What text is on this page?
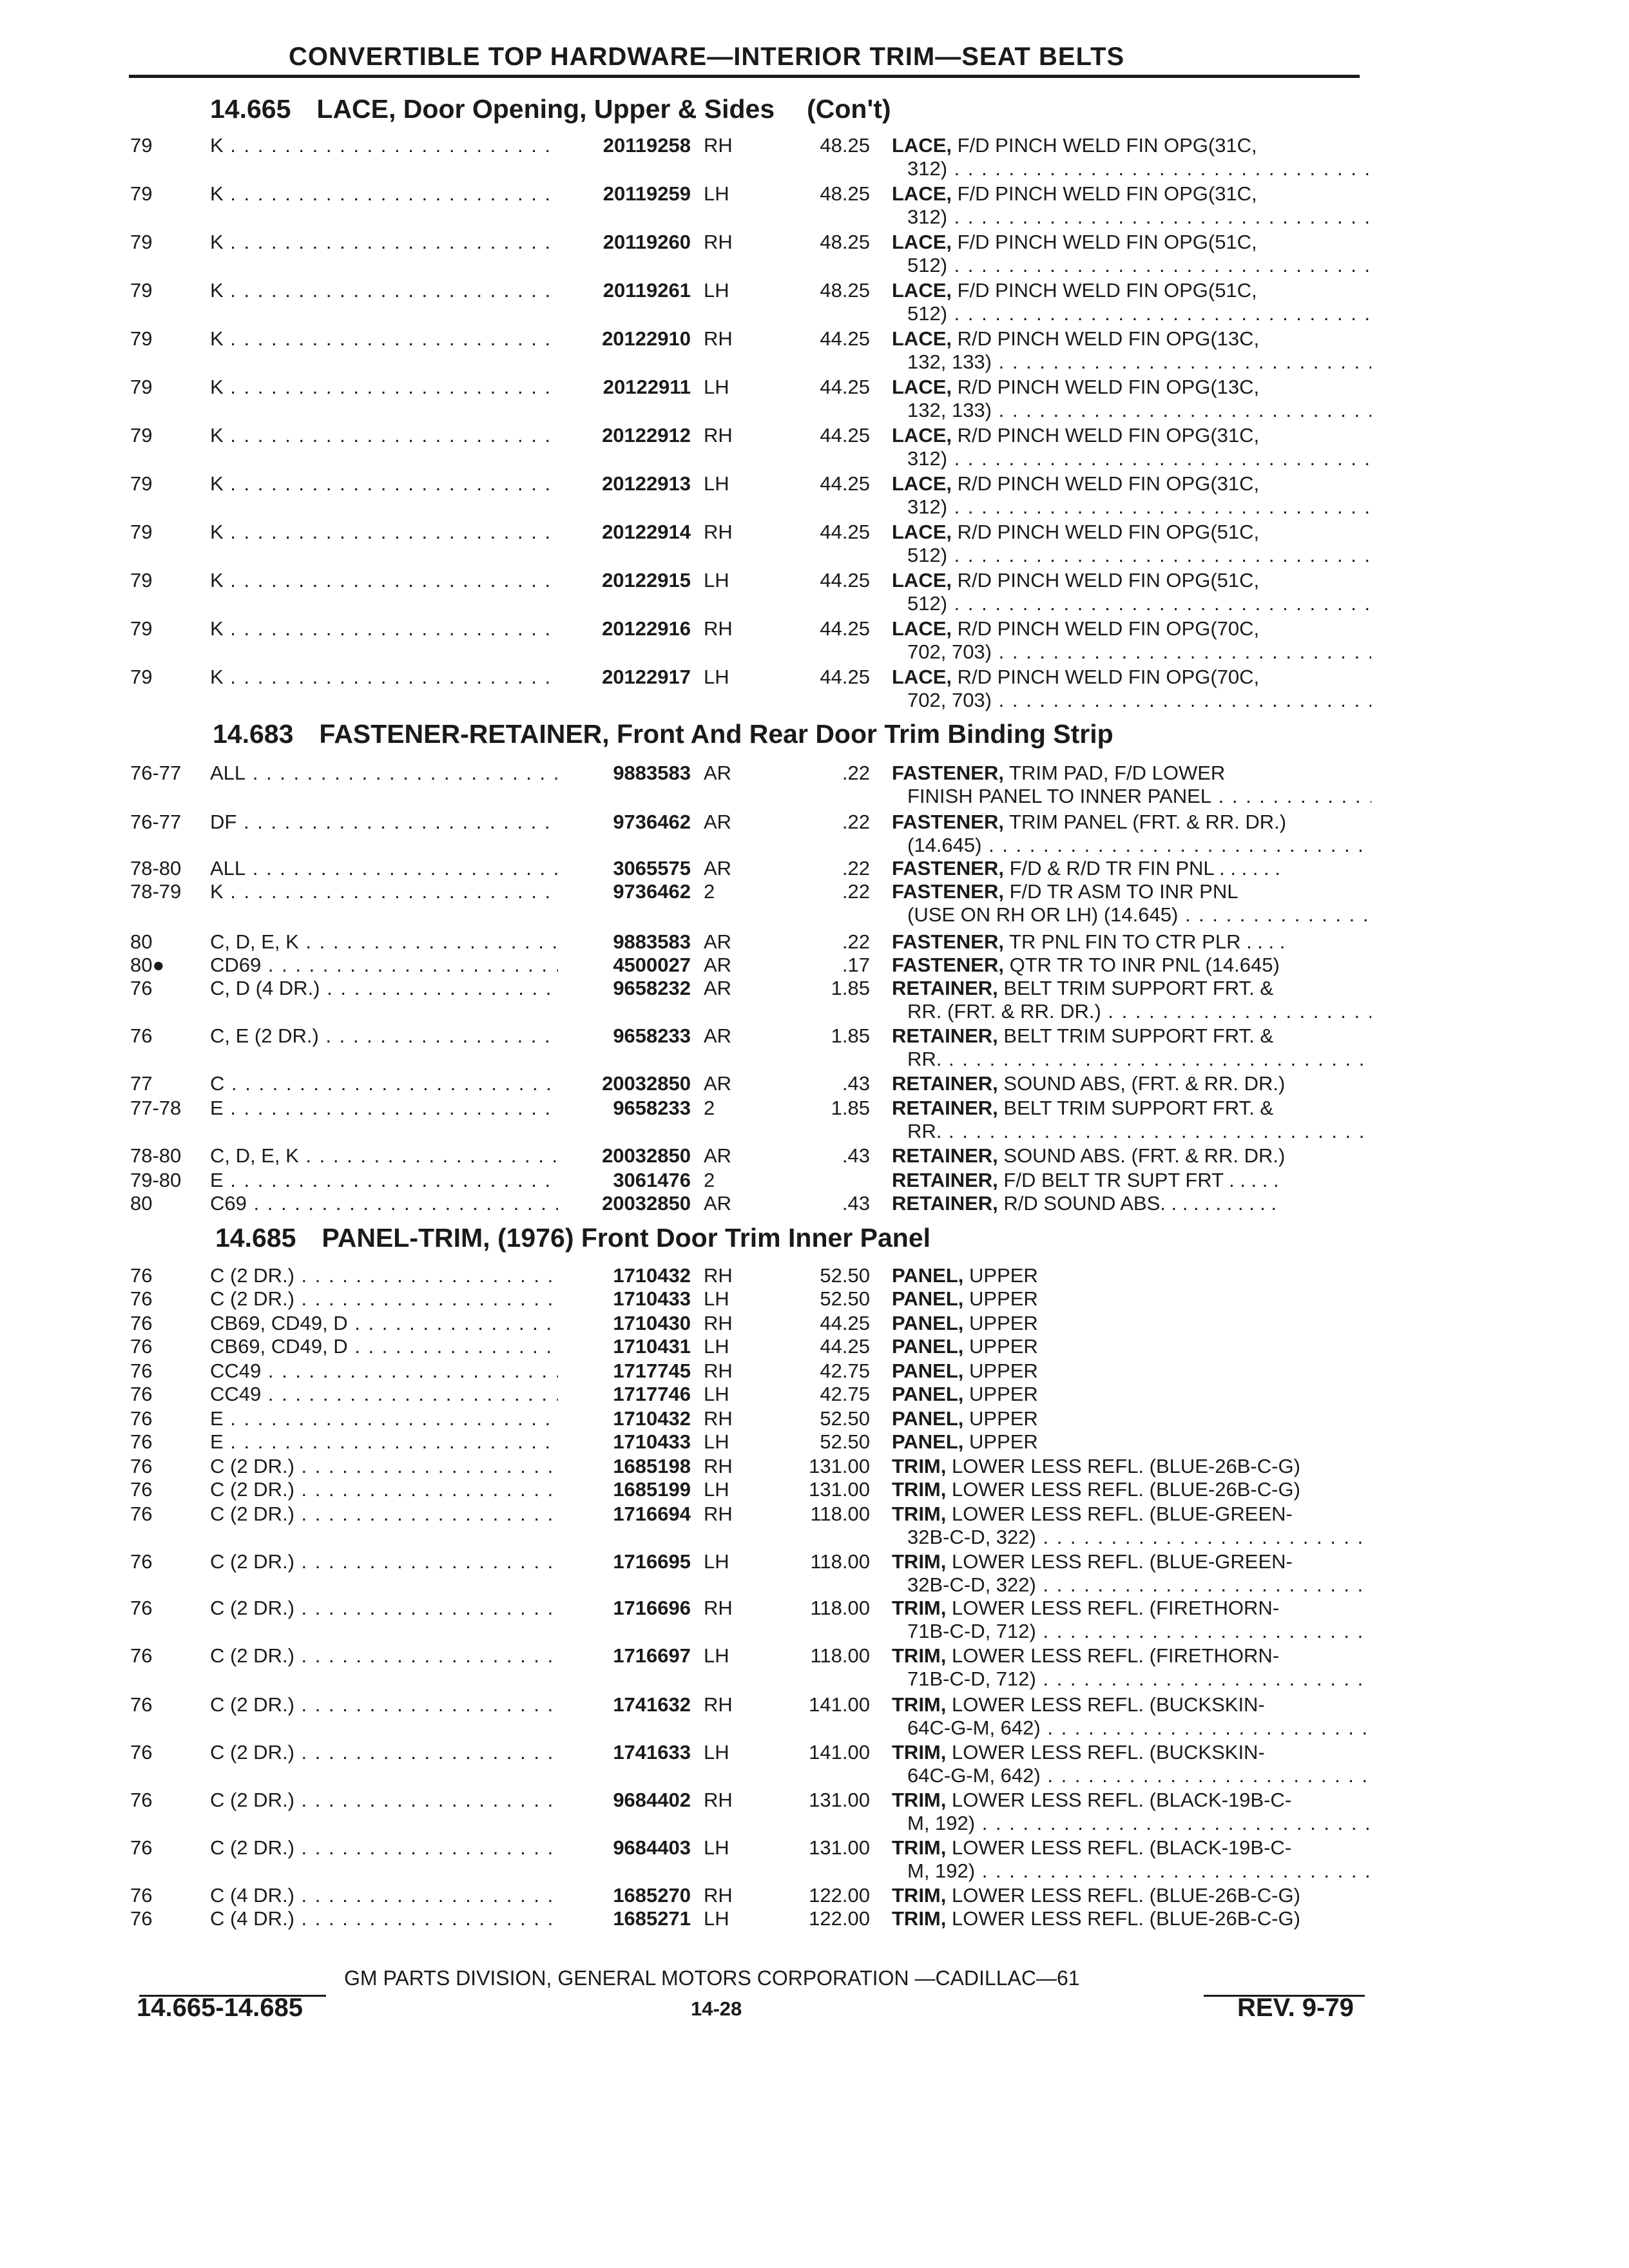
CONVERTIBLE TOP HARDWARE—INTERIOR TRIM—SEAT BELTS
14.665 LACE, Door Opening, Upper & Sides (Con't)
79	K . . .	20119258 RH	48.25 LACE, F/D PINCH WELD FIN OPG(31C,
312) . . .
79	K . . .	20119259 LH	48.25 LACE, F/D PINCH WELD FIN OPG(31C,
312) . . .
79	K . . .	20119260 RH	48.25 LACE, F/D PINCH WELD FIN OPG(51C,
512) . . .
79	K . . .	20119261 LH	48.25 LACE, F/D PINCH WELD FIN OPG(51C,
512) . . .
79	K . . .	20122910 RH	44.25 LACE, R/D PINCH WELD FIN OPG(13C,
132, 133) . . .
79	K . . .	20122911 LH	44.25 LACE, R/D PINCH WELD FIN OPG(13C,
132, 133) . . .
79	K . . .	20122912 RH	44.25 LACE, R/D PINCH WELD FIN OPG(31C,
312) . . .
79	K . . .	20122913 LH	44.25 LACE, R/D PINCH WELD FIN OPG(31C,
312) . . .
79	K . . .	20122914 RH	44.25 LACE, R/D PINCH WELD FIN OPG(51C,
512) . . .
79	K . . .	20122915 LH	44.25 LACE, R/D PINCH WELD FIN OPG(51C,
512) . . .
79	K . . .	20122916 RH	44.25 LACE, R/D PINCH WELD FIN OPG(70C,
702, 703) . . .
79	K . . .	20122917 LH	44.25 LACE, R/D PINCH WELD FIN OPG(70C,
702, 703) . . .
14.683 FASTENER-RETAINER, Front And Rear Door Trim Binding Strip
76-77 ALL . . .	9883583 AR	.22 FASTENER, TRIM PAD, F/D LOWER
FINISH PANEL TO INNER PANEL . . .
76-77 DF . . .	9736462 AR	.22 FASTENER, TRIM PANEL (FRT. & RR. DR.)
(14.645) . . .
78-80 ALL . . .	3065575 AR	.22 FASTENER, F/D & R/D TR FIN PNL . . . . . .
78-79 K . . .	9736462 2	.22 FASTENER, F/D TR ASM TO INR PNL
(USE ON RH OR LH) (14.645) . . .
80	C, D, E, K . . .	9883583 AR	.22 FASTENER, TR PNL FIN TO CTR PLR . . . .
80● CD69 . . .	4500027 AR	.17 FASTENER, QTR TR TO INR PNL (14.645)
76	C, D (4 DR.) . . .	9658232 AR	1.85 RETAINER, BELT TRIM SUPPORT FRT. &
RR. (FRT. & RR. DR.) . . .
76	C, E (2 DR.) . . .	9658233 AR	1.85 RETAINER, BELT TRIM SUPPORT FRT. &
RR. . . .
77	C . . .	20032850 AR	.43 RETAINER, SOUND ABS, (FRT. & RR. DR.)
77-78 E . . .	9658233 2	1.85 RETAINER, BELT TRIM SUPPORT FRT. &
RR. . . .
78-80 C, D, E, K . . .	20032850 AR	.43 RETAINER, SOUND ABS. (FRT. & RR. DR.)
79-80 E . . .	3061476 2	RETAINER, F/D BELT TR SUPT FRT . . . . .
80	C69 . . .	20032850 AR	.43 RETAINER, R/D SOUND ABS. . . . . . . . . . .
14.685 PANEL-TRIM, (1976) Front Door Trim Inner Panel
76	C (2 DR.) . . .	1710432 RH	52.50 PANEL, UPPER
76	C (2 DR.) . . .	1710433 LH	52.50 PANEL, UPPER
76	CB69, CD49, D . . .	1710430 RH	44.25 PANEL, UPPER
76	CB69, CD49, D . . .	1710431 LH	44.25 PANEL, UPPER
76	CC49 . . .	1717745 RH	42.75 PANEL, UPPER
76	CC49 . . .	1717746 LH	42.75 PANEL, UPPER
76	E . . .	1710432 RH	52.50 PANEL, UPPER
76	E . . .	1710433 LH	52.50 PANEL, UPPER
76	C (2 DR.) . . .	1685198 RH	131.00 TRIM, LOWER LESS REFL. (BLUE-26B-C-G)
76	C (2 DR.) . . .	1685199 LH	131.00 TRIM, LOWER LESS REFL. (BLUE-26B-C-G)
76	C (2 DR.) . . .	1716694 RH	118.00 TRIM, LOWER LESS REFL. (BLUE-GREEN-
32B-C-D, 322) . . .
76	C (2 DR.) . . .	1716695 LH	118.00 TRIM, LOWER LESS REFL. (BLUE-GREEN-
32B-C-D, 322) . . .
76	C (2 DR.) . . .	1716696 RH	118.00 TRIM, LOWER LESS REFL. (FIRETHORN-
71B-C-D, 712) . . .
76	C (2 DR.) . . .	1716697 LH	118.00 TRIM, LOWER LESS REFL. (FIRETHORN-
71B-C-D, 712) . . .
76	C (2 DR.) . . .	1741632 RH	141.00 TRIM, LOWER LESS REFL. (BUCKSKIN-
64C-G-M, 642) . . .
76	C (2 DR.) . . .	1741633 LH	141.00 TRIM, LOWER LESS REFL. (BUCKSKIN-
64C-G-M, 642) . . .
76	C (2 DR.) . . .	9684402 RH	131.00 TRIM, LOWER LESS REFL. (BLACK-19B-C-
M, 192) . . .
76	C (2 DR.) . . .	9684403 LH	131.00 TRIM, LOWER LESS REFL. (BLACK-19B-C-
M, 192) . . .
76	C (4 DR.) . . .	1685270 RH	122.00 TRIM, LOWER LESS REFL. (BLUE-26B-C-G)
76	C (4 DR.) . . .	1685271 LH	122.00 TRIM, LOWER LESS REFL. (BLUE-26B-C-G)
GM PARTS DIVISION, GENERAL MOTORS CORPORATION —CADILLAC—61
14.665-14.685	14-28	REV. 9-79
